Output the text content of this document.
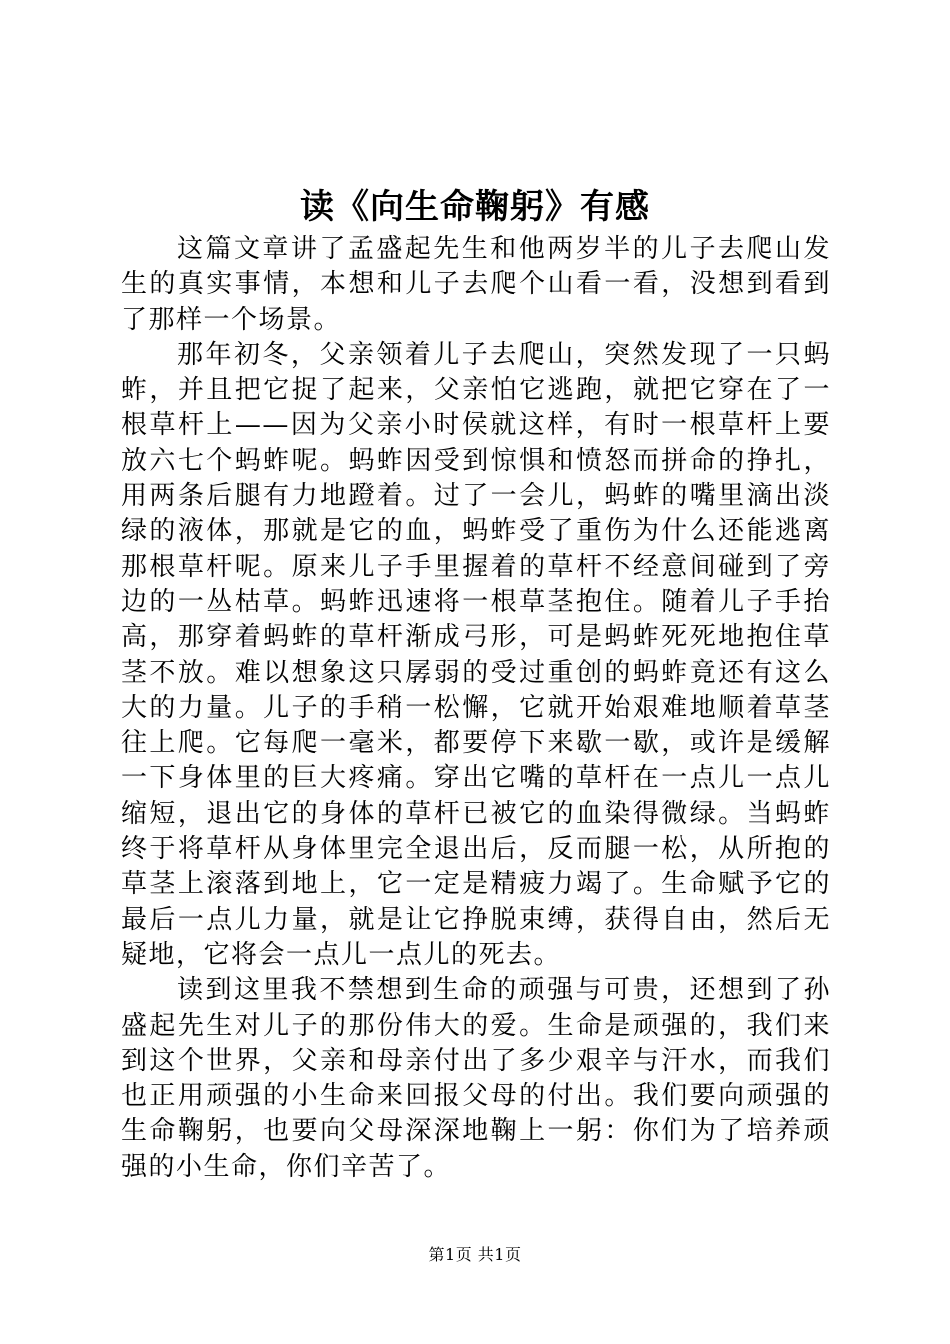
读《向生命鞠躬》有感

这篇文章讲了孟盛起先生和他两岁半的儿子去爬山发生的真实事情，本想和儿子去爬个山看一看，没想到看到了那样一个场景。

那年初冬，父亲领着儿子去爬山，突然发现了一只蚂蚱，并且把它捉了起来，父亲怕它逃跑，就把它穿在了一根草杆上——因为父亲小时侯就这样，有时一根草杆上要放六七个蚂蚱呢。蚂蚱因受到惊惧和愤怒而拼命的挣扎，用两条后腿有力地蹬着。过了一会儿，蚂蚱的嘴里滴出淡绿的液体，那就是它的血，蚂蚱受了重伤为什么还能逃离那根草杆呢。原来儿子手里握着的草杆不经意间碰到了旁边的一丛枯草。蚂蚱迅速将一根草茎抱住。随着儿子手抬高，那穿着蚂蚱的草杆渐成弓形，可是蚂蚱死死地抱住草茎不放。难以想象这只孱弱的受过重创的蚂蚱竟还有这么大的力量。儿子的手稍一松懈，它就开始艰难地顺着草茎往上爬。它每爬一毫米，都要停下来歇一歇，或许是缓解一下身体里的巨大疼痛。穿出它嘴的草杆在一点儿一点儿缩短，退出它的身体的草杆已被它的血染得微绿。当蚂蚱终于将草杆从身体里完全退出后，反而腿一松，从所抱的草茎上滚落到地上，它一定是精疲力竭了。生命赋予它的最后一点儿力量，就是让它挣脱束缚，获得自由，然后无疑地，它将会一点儿一点儿的死去。

读到这里我不禁想到生命的顽强与可贵，还想到了孙盛起先生对儿子的那份伟大的爱。生命是顽强的，我们来到这个世界，父亲和母亲付出了多少艰辛与汗水，而我们也正用顽强的小生命来回报父母的付出。我们要向顽强的生命鞠躬，也要向父母深深地鞠上一躬：你们为了培养顽强的小生命，你们辛苦了。

第1页 共1页
